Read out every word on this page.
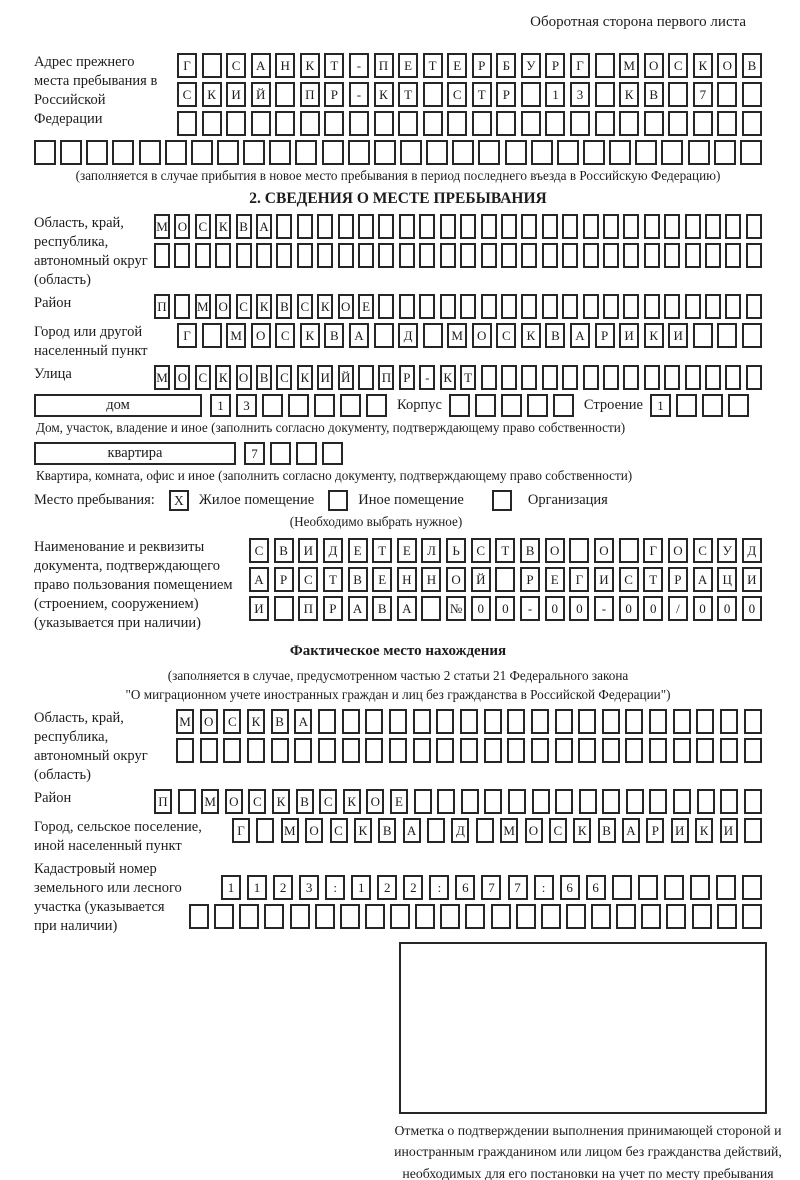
Оборотная сторона первого листа
Адрес прежнего места пребывания в Российской Федерации
Г	С	А	Н	К	Т	-	П	Е	Т	Е	Р	Б	У	Р	Г	М	О	С	К	О	В
С	К	И	Й	П	Р	-	К	Т	С	Т	Р	1	3	К	В	7
(заполняется в случае прибытия в новое место пребывания в период последнего въезда в Российскую Федерацию)
2. СВЕДЕНИЯ О МЕСТЕ ПРЕБЫВАНИЯ
Область, край, республика, автономный округ (область)
М О С К В А
Район	П М О С К В С К О Е
Город или другой населенный пункт
Г	М	О	С	К	В	А	Д	М	О	С	К	В	А	Р	И	К	И
Улица	М О С К О В С К И Й П Р	-	К Т
дом	1	3	Корпус	Строение	1
Дом, участок, владение и иное (заполнить согласно документу, подтверждающему право собственности)
квартира	7
Квартира, комната, офис и иное (заполнить согласно документу, подтверждающему право собственности)
Место пребывания:	X	Жилое помещение	Иное помещение	Организация
(Необходимо выбрать нужное)
Наименование и реквизиты документа, подтверждающего право пользования помещением (строением, сооружением) (указывается при наличии)
С	В	И	Д	Е	Т	Е	Л	Ь	С	Т	В	О	О	Г	О	С	У	Д
А	Р	С	Т	В	Е	Н	Н	О	Й	Р	Е	Г	И	С	Т	Р	А	Ц	И
И	П	Р	А	В	А	№	0	0	-	0	0	-	0	0	/	0	0	0
Фактическое место нахождения
(заполняется в случае, предусмотренном частью 2 статьи 21 Федерального закона
"О миграционном учете иностранных граждан и лиц без гражданства в Российской Федерации")
Область, край, республика, автономный округ (область)
М	О	С	К	В	А
Район	П	М	О	С	К	В	С	К	О	Е
Город, сельское поселение, иной населенный пункт
Г	М	О	С	К	В	А	Д	М	О	С	К	В	А	Р	И	К	И
Кадастровый номер земельного или лесного участка (указывается при наличии)
1	1	2	3	:	1	2	2	:	6	7	7	:	6	6
Отметка о подтверждении выполнения принимающей стороной и иностранным гражданином или лицом без гражданства действий, необходимых для его постановки на учет по месту пребывания
